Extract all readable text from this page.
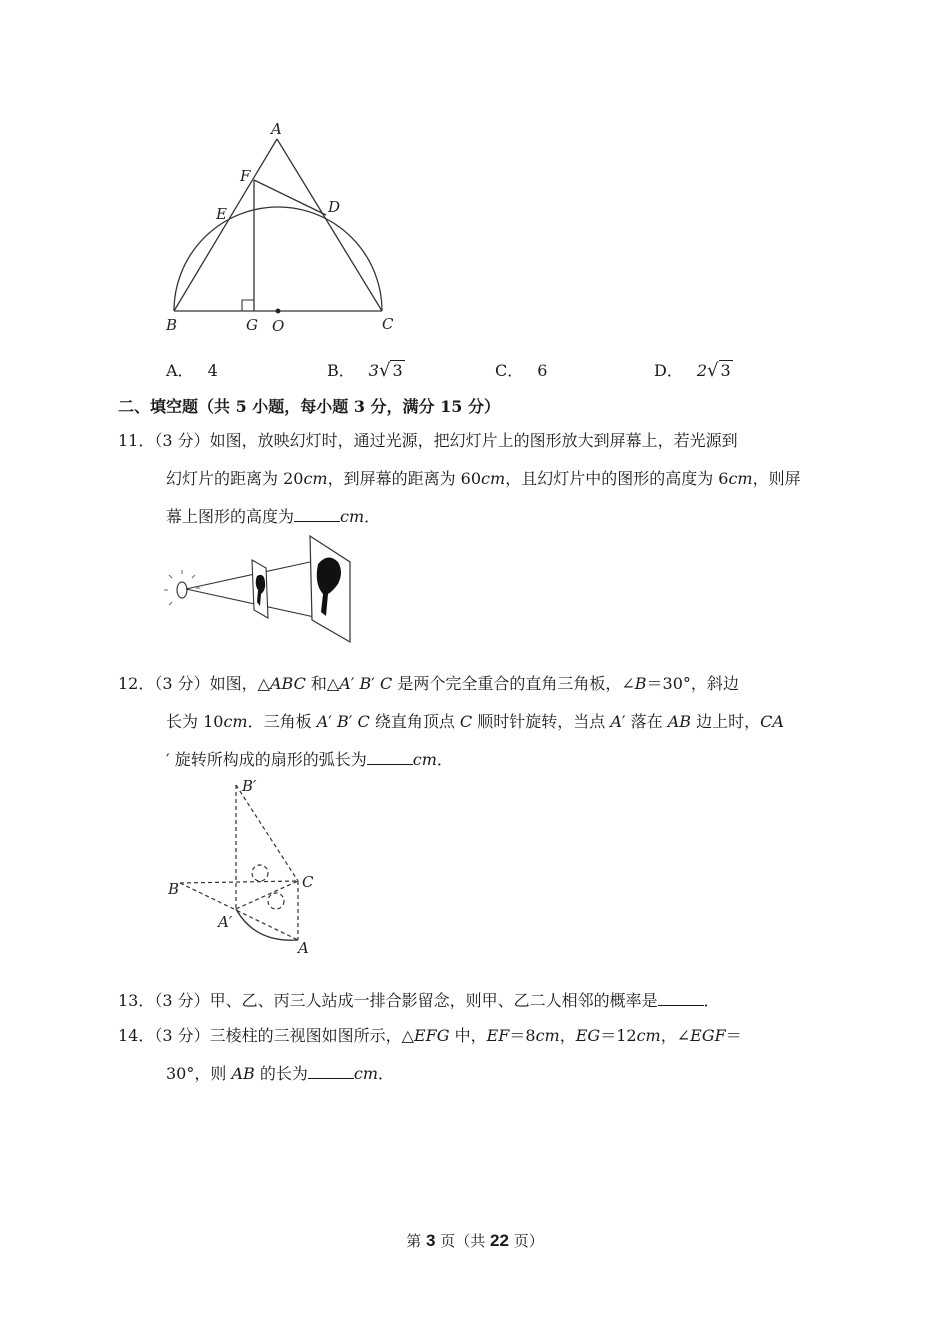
A
F
E	D
B	G O	C
A． 4	B． 3√ 3	C． 6	D． 2√ 3
二、填空题（共 5 小题，每小题 3 分，满分 15 分）
11．（3 分）如图，放映幻灯时，通过光源，把幻灯片上的图形放大到屏幕上，若光源到
幻灯片的距离为 20cm，到屏幕的距离为 60cm，且幻灯片中的图形的高度为 6cm，则屏
幕上图形的高度为	cm．
12．（3 分）如图，△ABC 和△A′ B′ C 是两个完全重合的直角三角板，∠B＝30°，斜边
长为 10cm．三角板 A′ B′ C 绕直角顶点 C 顺时针旋转，当点 A′ 落在 AB 边上时，CA
′ 旋转所构成的扇形的弧长为	cm．
B′
B	C
A′
A
13．（3 分）甲、乙、丙三人站成一排合影留念，则甲、乙二人相邻的概率是	．
14．（3 分）三棱柱的三视图如图所示，△EFG 中，EF＝8cm，EG＝12cm，∠EGF＝
30°，则 AB 的长为	cm．
第 3 页（共 22 页）
